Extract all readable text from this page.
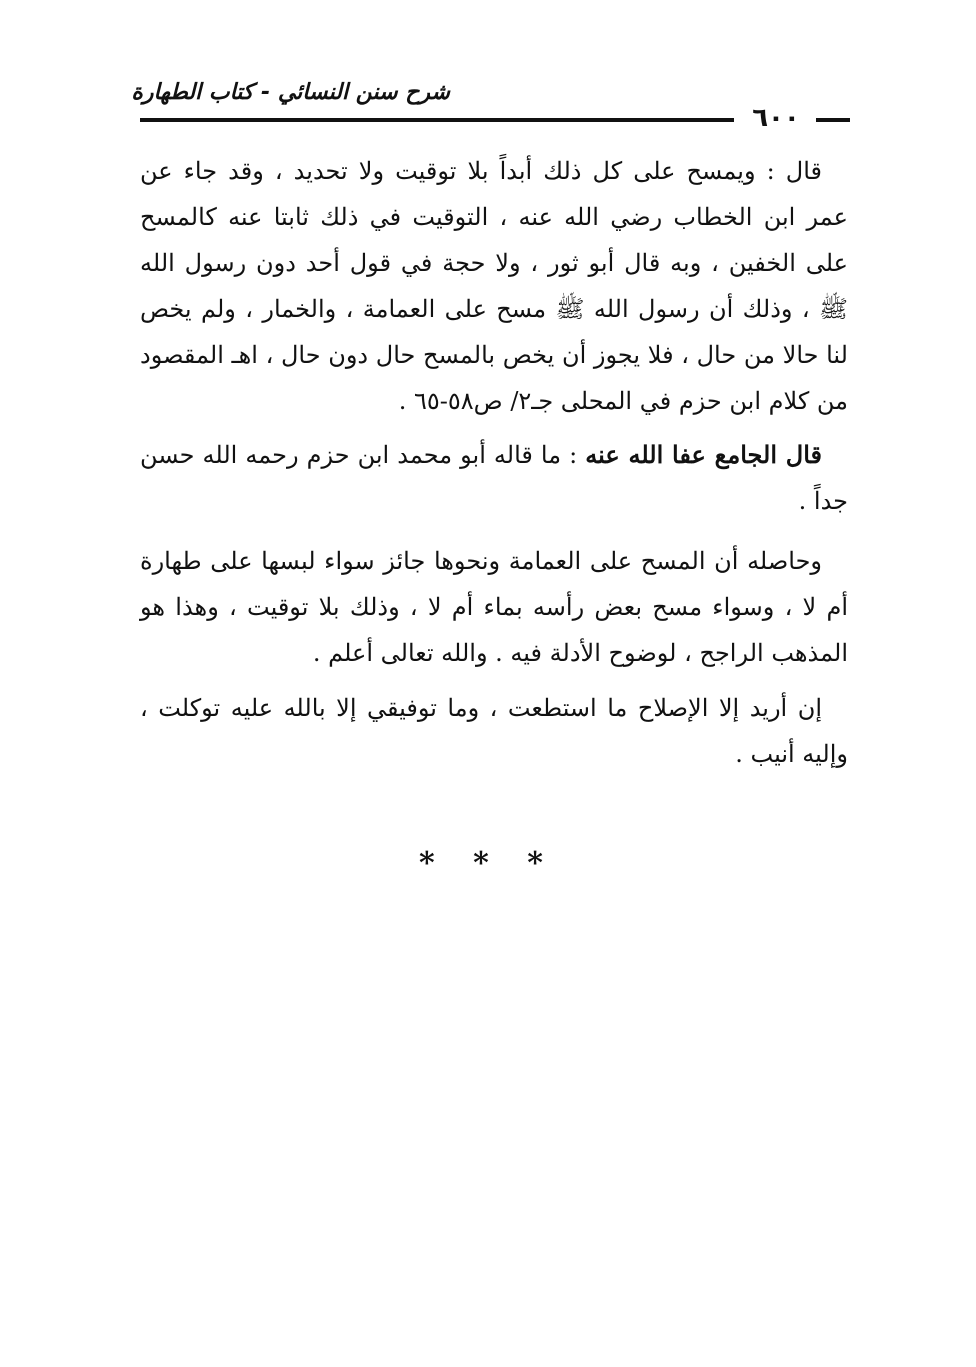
شرح سنن النسائي - كتاب الطهارة
٦٠٠
قال : ويمسح على كل ذلك أبداً بلا توقيت ولا تحديد ، وقد جاء عن عمر ابن الخطاب رضي الله عنه ، التوقيت في ذلك ثابتا عنه كالمسح على الخفين ، وبه قال أبو ثور ، ولا حجة في قول أحد دون رسول الله ﷺ ، وذلك أن رسول الله ﷺ مسح على العمامة ، والخمار ، ولم يخص لنا حالا من حال ، فلا يجوز أن يخص بالمسح حال دون حال ، اهـ المقصود من كلام ابن حزم في المحلى جـ٢/ ص٥٨-٦٥ .
قال الجامع عفا الله عنه : ما قاله أبو محمد ابن حزم رحمه الله حسن جداً .
وحاصله أن المسح على العمامة ونحوها جائز سواء لبسها على طهارة أم لا ، وسواء مسح بعض رأسه بماء أم لا ، وذلك بلا توقيت ، وهذا هو المذهب الراجح ، لوضوح الأدلة فيه . والله تعالى أعلم .
إن أريد إلا الإصلاح ما استطعت ، وما توفيقي إلا بالله عليه توكلت ، وإليه أنيب .
* * *
